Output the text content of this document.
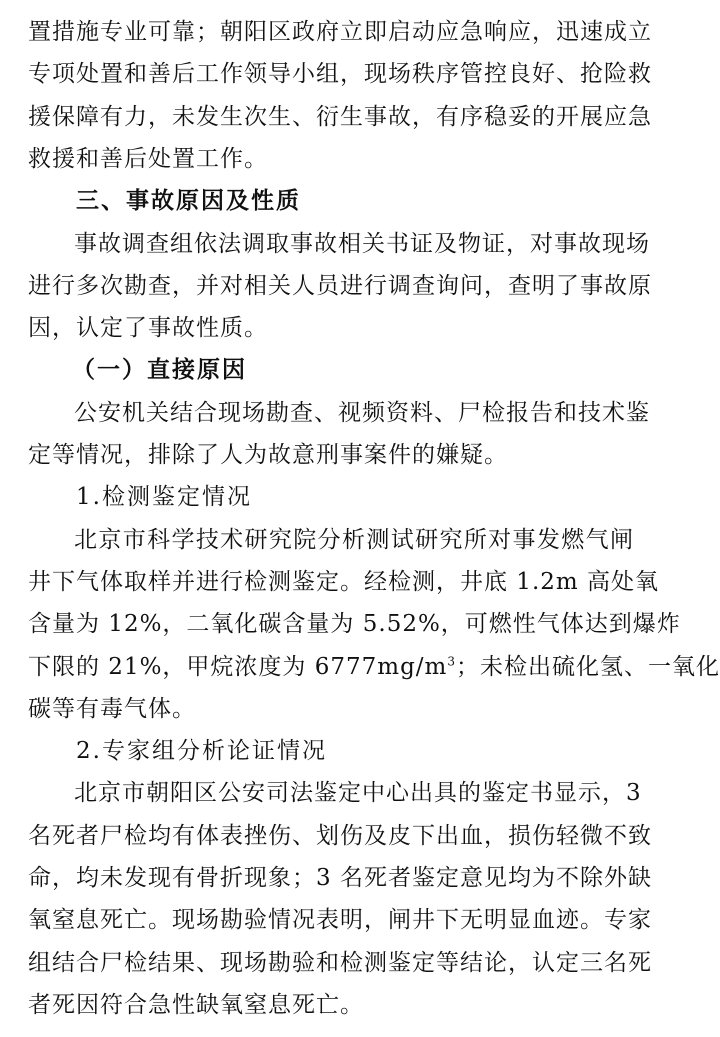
置措施专业可靠；朝阳区政府立即启动应急响应，迅速成立
专项处置和善后工作领导小组，现场秩序管控良好、抢险救
援保障有力，未发生次生、衍生事故，有序稳妥的开展应急
救援和善后处置工作。
三、事故原因及性质
事故调查组依法调取事故相关书证及物证，对事故现场
进行多次勘查，并对相关人员进行调查询问，查明了事故原
因，认定了事故性质。
（一）直接原因
公安机关结合现场勘查、视频资料、尸检报告和技术鉴
定等情况，排除了人为故意刑事案件的嫌疑。
1.检测鉴定情况
北京市科学技术研究院分析测试研究所对事发燃气闸
井下气体取样并进行检测鉴定。经检测，井底 1.2m 高处氧
含量为 12%，二氧化碳含量为 5.52%，可燃性气体达到爆炸
下限的 21%，甲烷浓度为 $6777mg/m^3$；未检出硫化氢、一氧化
碳等有毒气体。
2.专家组分析论证情况
北京市朝阳区公安司法鉴定中心出具的鉴定书显示，3
名死者尸检均有体表挫伤、划伤及皮下出血，损伤轻微不致
命，均未发现有骨折现象；3 名死者鉴定意见均为不除外缺
氧窒息死亡。现场勘验情况表明，闸井下无明显血迹。专家
组结合尸检结果、现场勘验和检测鉴定等结论，认定三名死
者死因符合急性缺氧窒息死亡。
